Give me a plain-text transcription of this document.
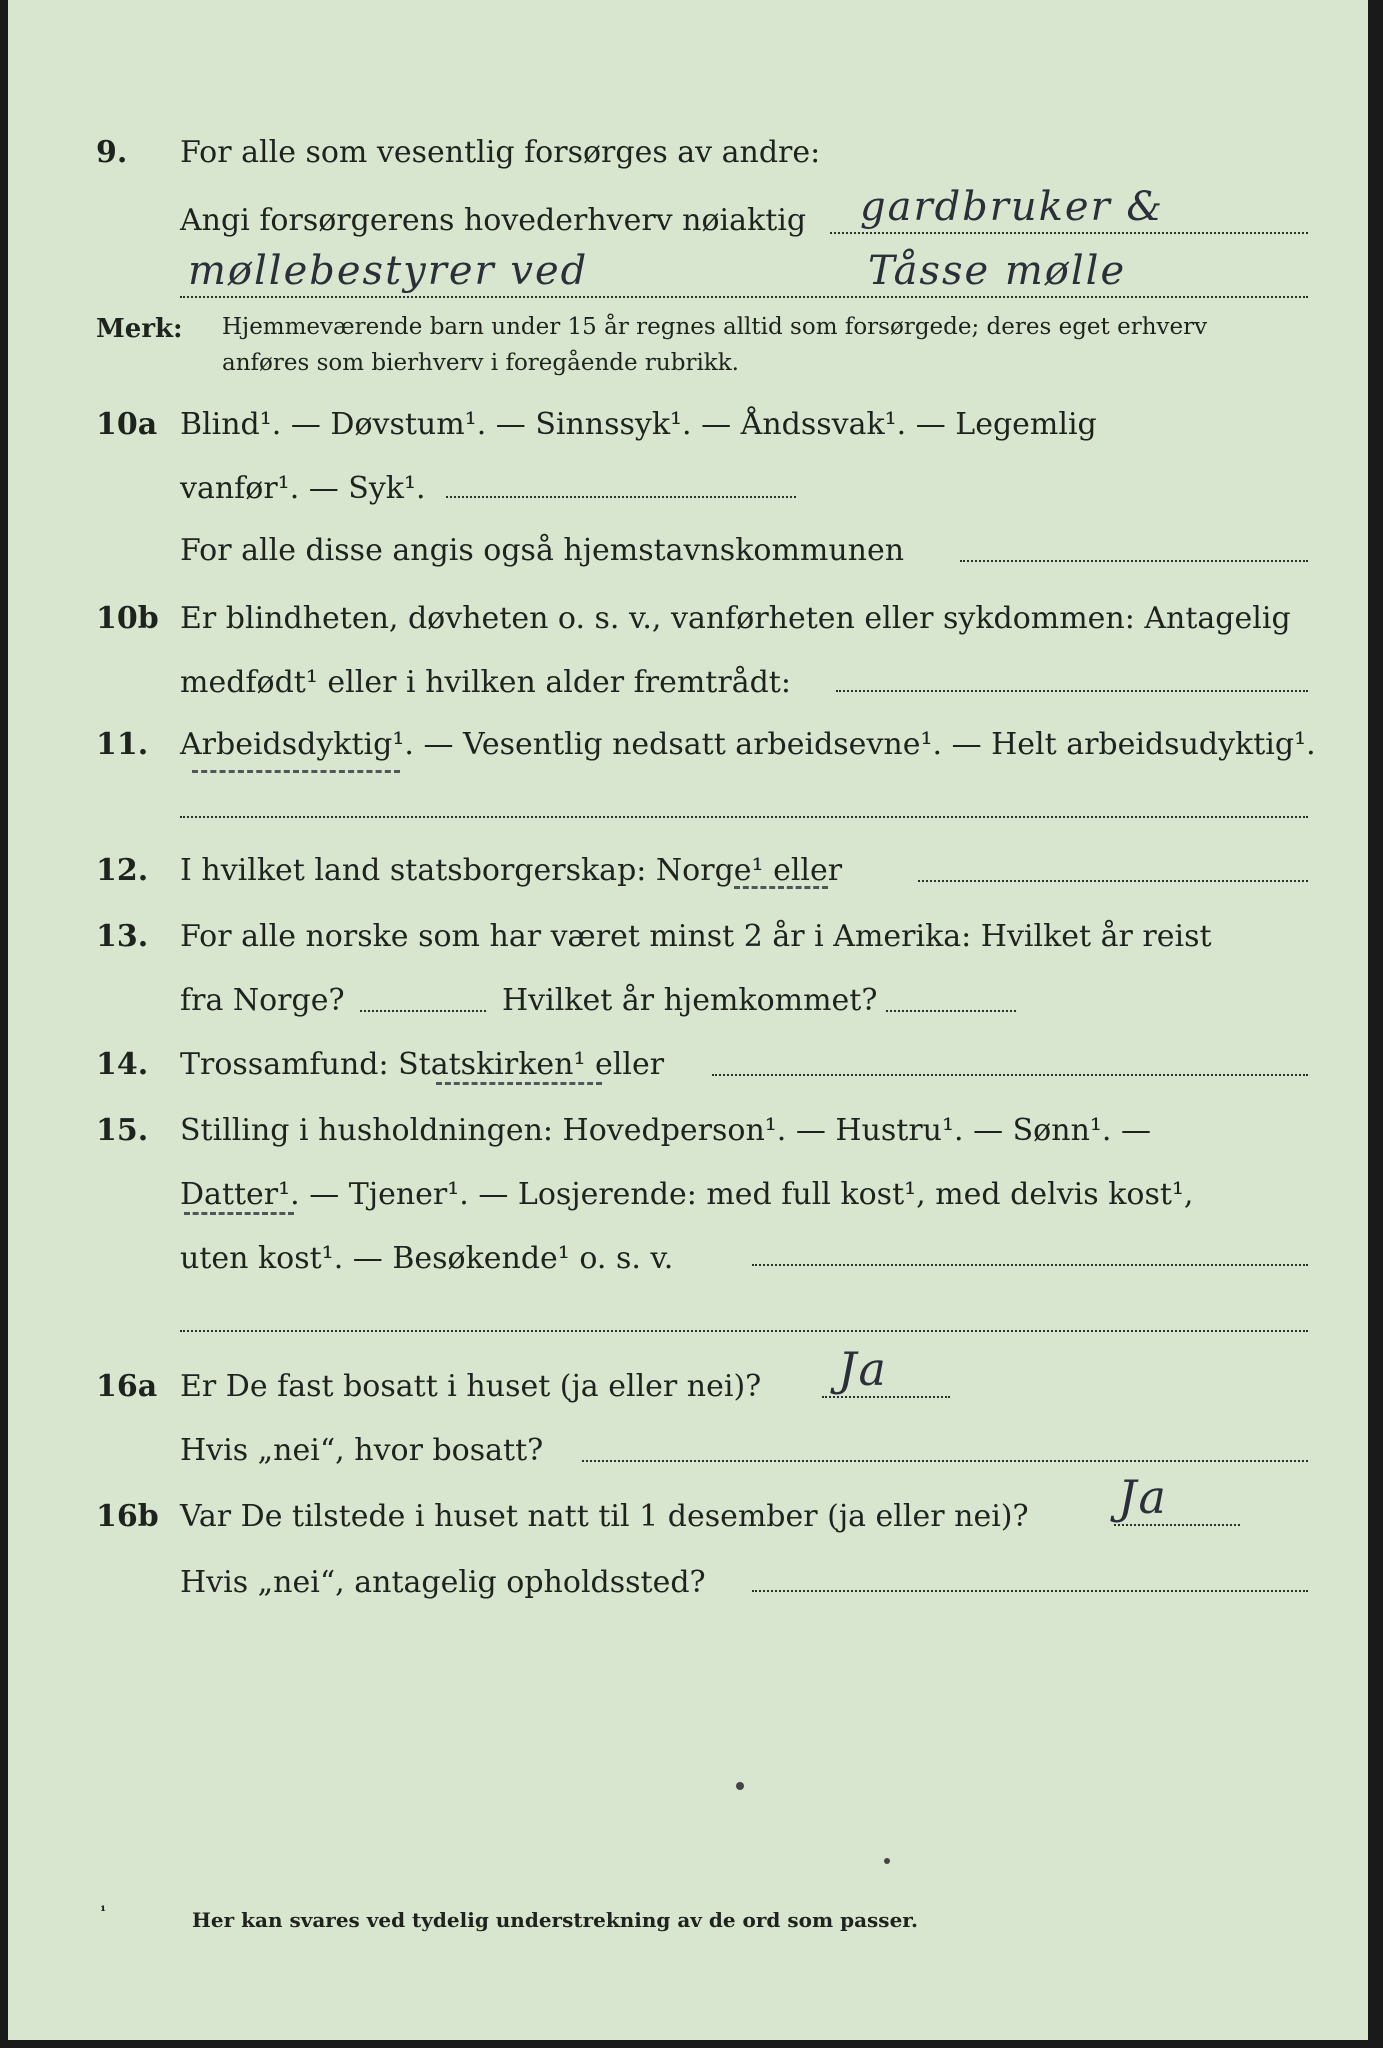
9. For alle som vesentlig forsørges av andre:
Angi forsørgerens hovederhverv nøiaktig gardbruker &
møllebestyrer ved	Tåsse mølle
Merk: Hjemmeværende barn under 15 år regnes alltid som forsørgede; deres eget erhverv
anføres som bierhverv i foregående rubrikk.
10a Blind¹. — Døvstum¹. — Sinnssyk¹. — Åndssvak¹. — Legemlig
vanfør¹. — Syk¹.
For alle disse angis også hjemstavnskommunen
10b Er blindheten, døvheten o. s. v., vanførheten eller sykdommen: Antagelig
medfødt¹ eller i hvilken alder fremtrådt:
11. Arbeidsdyktig¹. — Vesentlig nedsatt arbeidsevne¹. — Helt arbeidsudyktig¹.
12. I hvilket land statsborgerskap: Norge¹ eller
13. For alle norske som har været minst 2 år i Amerika: Hvilket år reist
fra Norge?	Hvilket år hjemkommet?
14. Trossamfund: Statskirken¹ eller
15. Stilling i husholdningen: Hovedperson¹. — Hustru¹. — Sønn¹. —
Datter¹. — Tjener¹. — Losjerende: med full kost¹, med delvis kost¹,
uten kost¹. — Besøkende¹ o. s. v.
16a Er De fast bosatt i huset (ja eller nei)? Ja
Hvis „nei“, hvor bosatt?
16b Var De tilstede i huset natt til 1 desember (ja eller nei)? Ja
Hvis „nei“, antagelig opholdssted?
¹	Her kan svares ved tydelig understrekning av de ord som passer.
